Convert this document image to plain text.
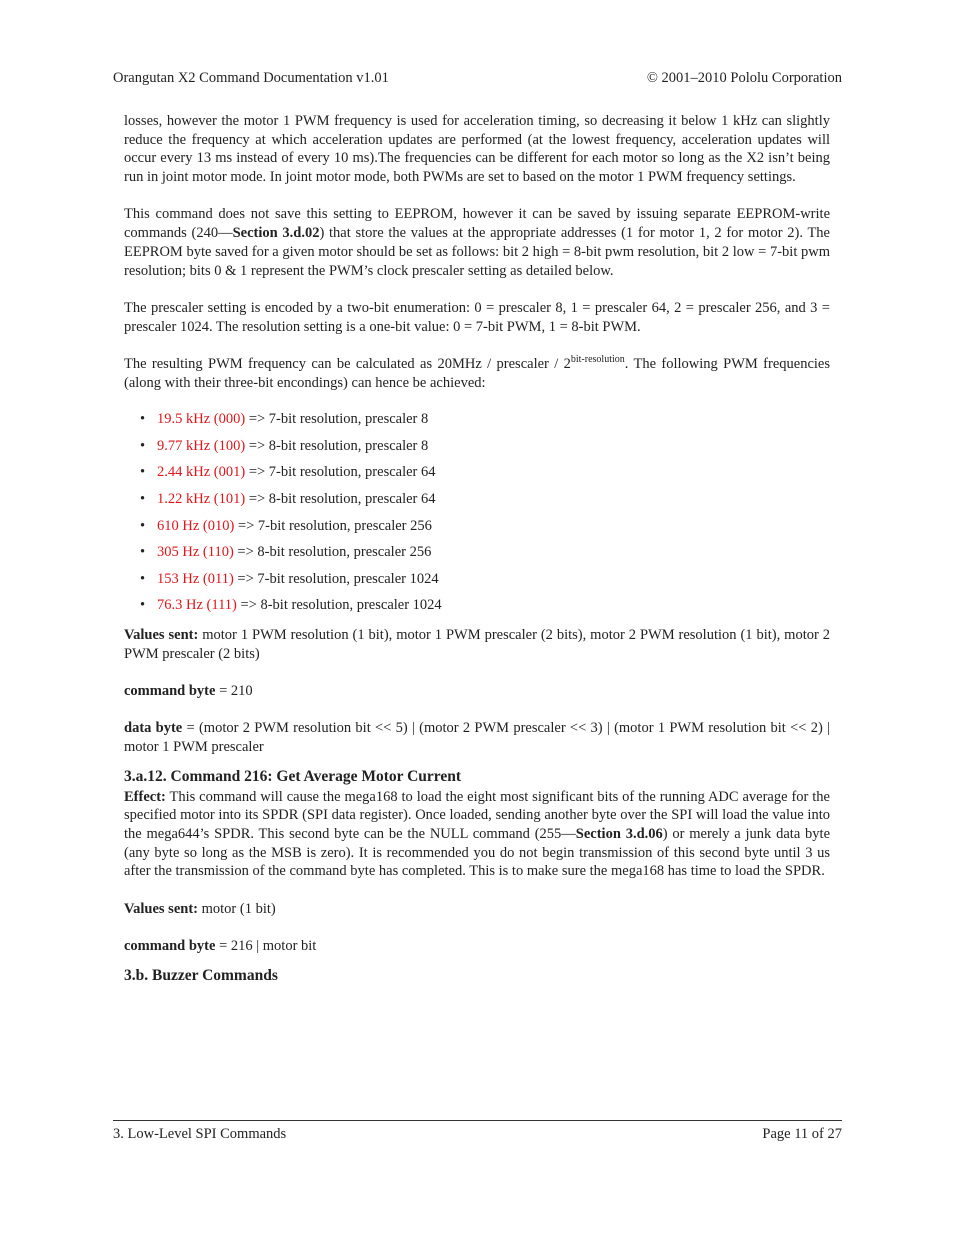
Orangutan X2 Command Documentation v1.01	© 2001–2010 Pololu Corporation

losses, however the motor 1 PWM frequency is used for acceleration timing, so decreasing it below 1 kHz can slightly reduce the frequency at which acceleration updates are performed (at the lowest frequency, acceleration updates will occur every 13 ms instead of every 10 ms).The frequencies can be different for each motor so long as the X2 isn’t being run in joint motor mode. In joint motor mode, both PWMs are set to based on the motor 1 PWM frequency settings.

This command does not save this setting to EEPROM, however it can be saved by issuing separate EEPROM-write commands (240—Section 3.d.02) that store the values at the appropriate addresses (1 for motor 1, 2 for motor 2). The EEPROM byte saved for a given motor should be set as follows: bit 2 high = 8-bit pwm resolution, bit 2 low = 7-bit pwm resolution; bits 0 & 1 represent the PWM’s clock prescaler setting as detailed below.

The prescaler setting is encoded by a two-bit enumeration: 0 = prescaler 8, 1 = prescaler 64, 2 = prescaler 256, and 3 = prescaler 1024. The resolution setting is a one-bit value: 0 = 7-bit PWM, 1 = 8-bit PWM.

The resulting PWM frequency can be calculated as 20MHz / prescaler / $2^{bit-resolution}$. The following PWM frequencies (along with their three-bit encondings) can hence be achieved:

• 19.5 kHz (000) => 7-bit resolution, prescaler 8
• 9.77 kHz (100) => 8-bit resolution, prescaler 8
• 2.44 kHz (001) => 7-bit resolution, prescaler 64
• 1.22 kHz (101) => 8-bit resolution, prescaler 64
• 610 Hz (010) => 7-bit resolution, prescaler 256
• 305 Hz (110) => 8-bit resolution, prescaler 256
• 153 Hz (011) => 7-bit resolution, prescaler 1024
• 76.3 Hz (111) => 8-bit resolution, prescaler 1024

Values sent: motor 1 PWM resolution (1 bit), motor 1 PWM prescaler (2 bits), motor 2 PWM resolution (1 bit), motor 2 PWM prescaler (2 bits)

command byte = 210

data byte = (motor 2 PWM resolution bit << 5) | (motor 2 PWM prescaler << 3) | (motor 1 PWM resolution bit << 2) | motor 1 PWM prescaler

3.a.12. Command 216: Get Average Motor Current

Effect: This command will cause the mega168 to load the eight most significant bits of the running ADC average for the specified motor into its SPDR (SPI data register). Once loaded, sending another byte over the SPI will load the value into the mega644’s SPDR. This second byte can be the NULL command (255—Section 3.d.06) or merely a junk data byte (any byte so long as the MSB is zero). It is recommended you do not begin transmission of this second byte until 3 us after the transmission of the command byte has completed. This is to make sure the mega168 has time to load the SPDR.

Values sent: motor (1 bit)

command byte = 216 | motor bit

3.b. Buzzer Commands
3. Low-Level SPI Commands	Page 11 of 27
